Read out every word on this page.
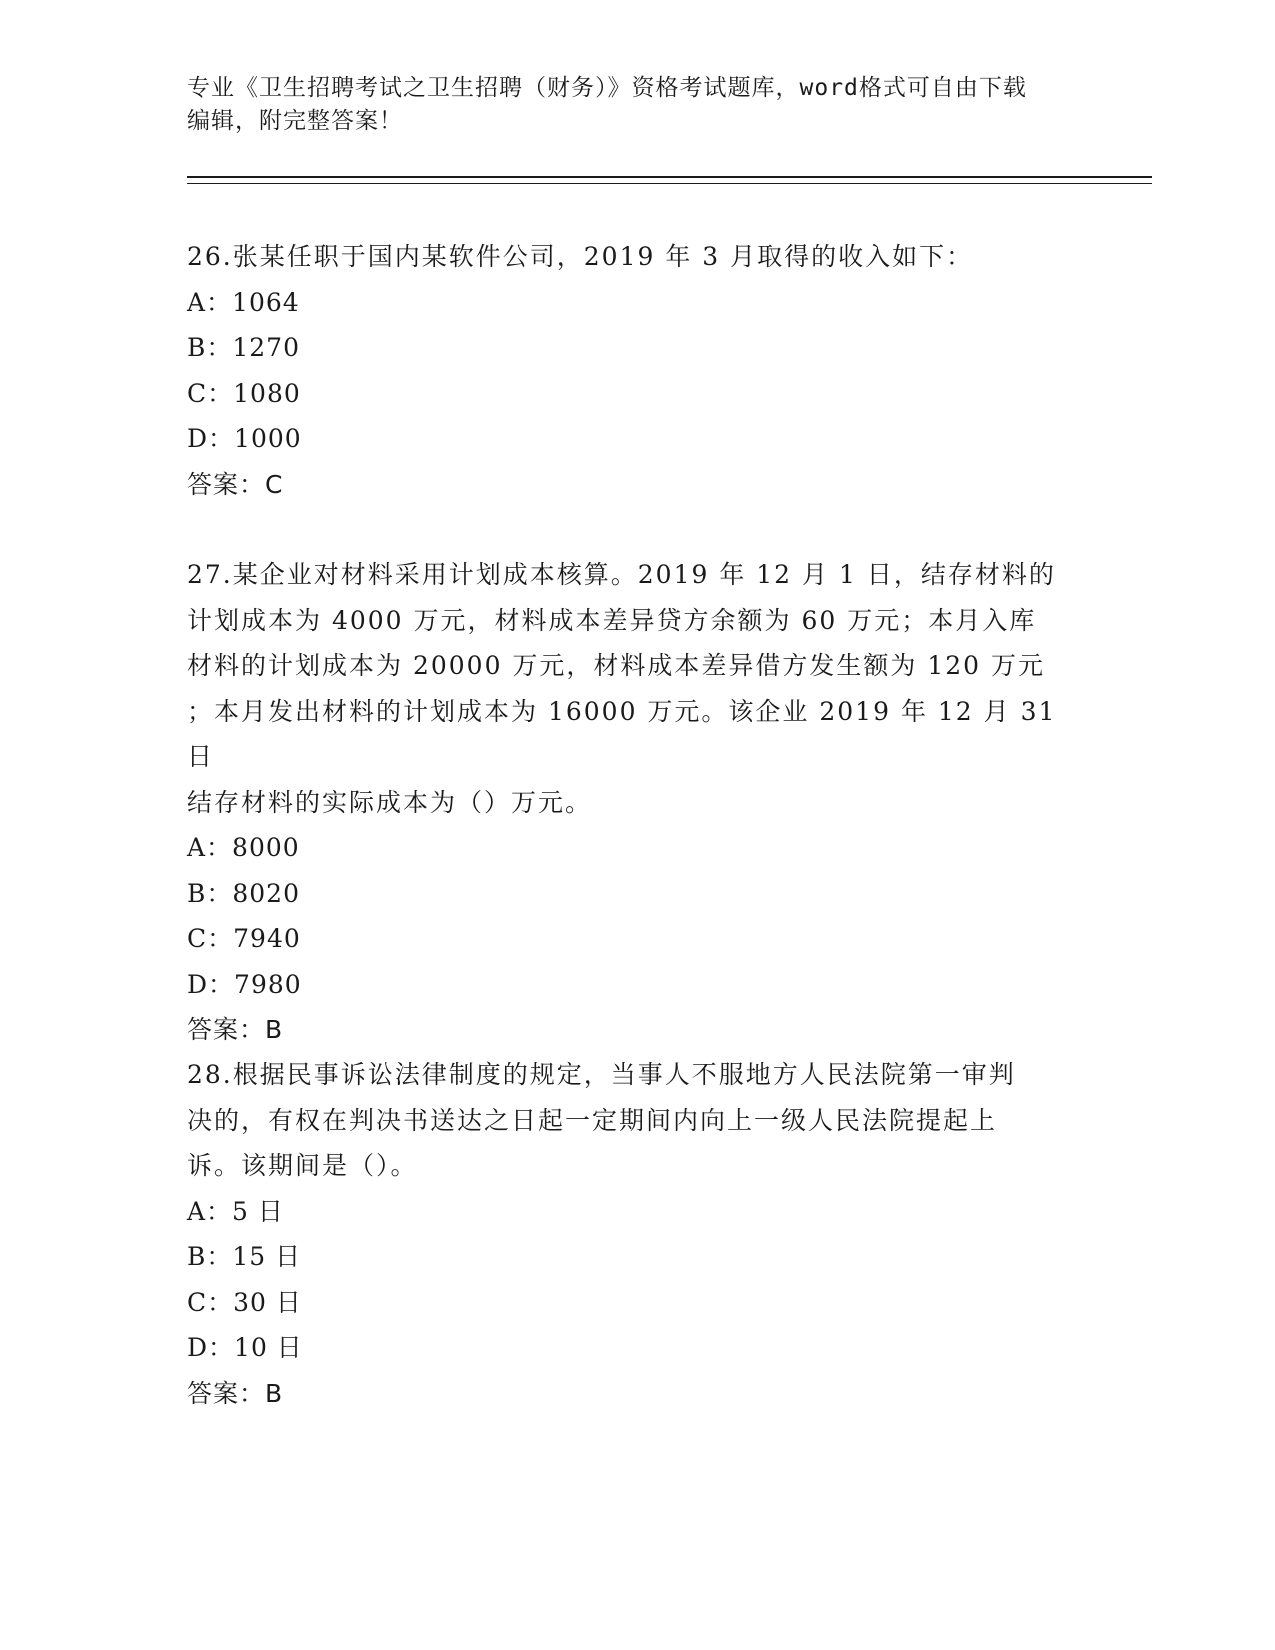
专业《卫生招聘考试之卫生招聘（财务）》资格考试题库，word格式可自由下载
编辑，附完整答案！

26.张某任职于国内某软件公司，2019 年 3 月取得的收入如下：

A：1064

B：1270

C：1080

D：1000

答案：C

27.某企业对材料采用计划成本核算。2019 年 12 月 1 日，结存材料的

计划成本为 4000 万元，材料成本差异贷方余额为 60 万元；本月入库

材料的计划成本为 20000 万元，材料成本差异借方发生额为 120 万元

；本月发出材料的计划成本为 16000 万元。该企业 2019 年 12 月 31 日

结存材料的实际成本为（）万元。

A：8000

B：8020

C：7940

D：7980

答案：B

28.根据民事诉讼法律制度的规定，当事人不服地方人民法院第一审判

决的，有权在判决书送达之日起一定期间内向上一级人民法院提起上

诉。该期间是（）。

A：5 日

B：15 日

C：30 日

D：10 日

答案：B
